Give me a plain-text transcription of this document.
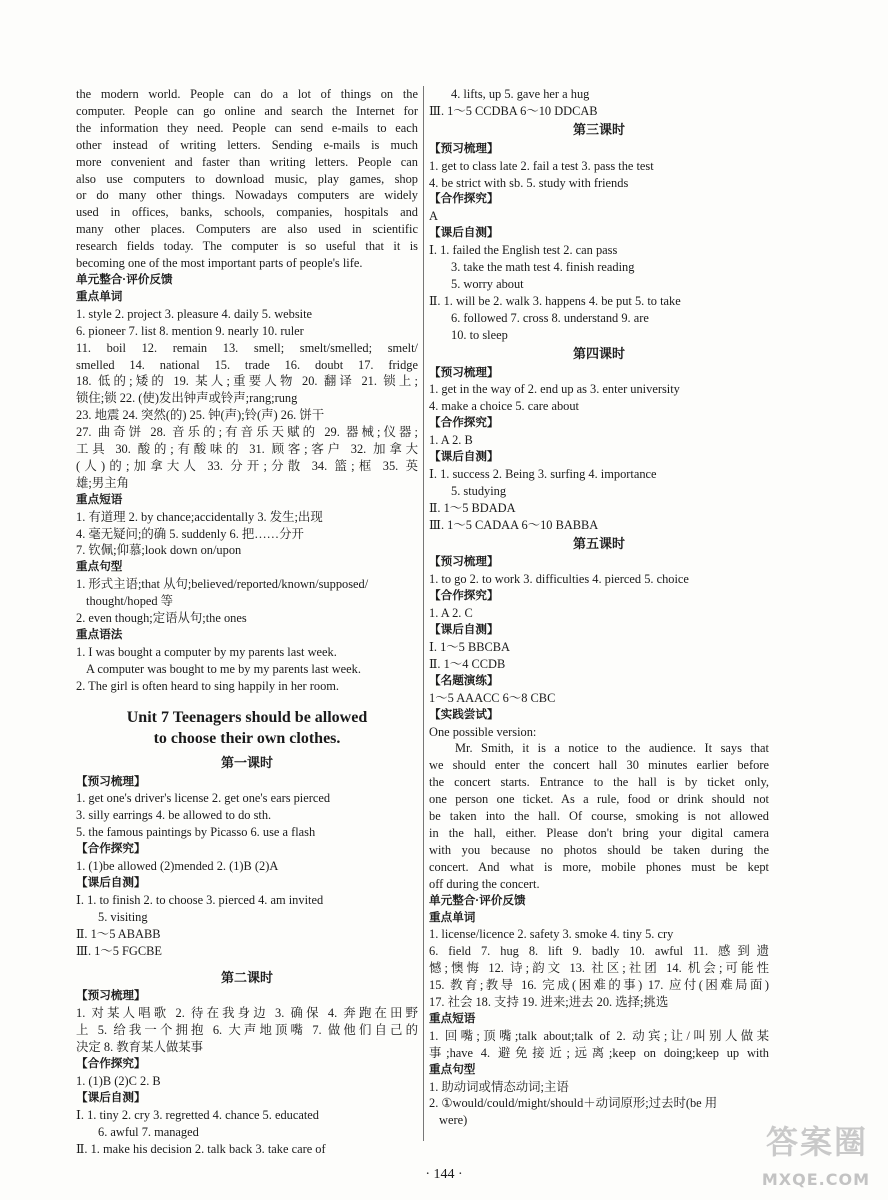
the modern world. People can do a lot of things on the
computer. People can go online and search the Internet for
the information they need. People can send e-mails to each
other instead of writing letters. Sending e-mails is much
more convenient and faster than writing letters. People can
also use computers to download music, play games, shop
or do many other things. Nowadays computers are widely
used in offices, banks, schools, companies, hospitals and
many other places. Computers are also used in scientific
research fields today. The computer is so useful that it is
becoming one of the most important parts of people's life.
单元整合·评价反馈
重点单词
1. style 2. project 3. pleasure 4. daily 5. website
6. pioneer 7. list 8. mention 9. nearly 10. ruler
11. boil 12. remain 13. smell; smelt/smelled; smelt/
smelled 14. national 15. trade 16. doubt 17. fridge
18. 低的;矮的 19. 某人;重要人物 20. 翻译 21. 锁上;
锁住;锁 22. (使)发出钟声或铃声;rang;rung
23. 地震 24. 突然(的) 25. 钟(声);铃(声) 26. 饼干
27. 曲奇饼 28. 音乐的;有音乐天赋的 29. 器械;仪器;
工具 30. 酸的;有酸味的 31. 顾客;客户 32. 加拿大
(人)的;加拿大人 33. 分开;分散 34. 篮;框 35. 英
雄;男主角
重点短语
1. 有道理 2. by chance;accidentally 3. 发生;出现
4. 毫无疑问;的确 5. suddenly 6. 把……分开
7. 钦佩;仰慕;look down on/upon
重点句型
1. 形式主语;that 从句;believed/reported/known/supposed/
thought/hoped 等
2. even though;定语从句;the ones
重点语法
1. I was bought a computer by my parents last week.
A computer was bought to me by my parents last week.
2. The girl is often heard to sing happily in her room.
Unit 7 Teenagers should be allowed
to choose their own clothes.
第一课时
【预习梳理】
1. get one's driver's license 2. get one's ears pierced
3. silly earrings 4. be allowed to do sth.
5. the famous paintings by Picasso 6. use a flash
【合作探究】
1. (1)be allowed (2)mended 2. (1)B (2)A
【课后自测】
Ⅰ. 1. to finish 2. to choose 3. pierced 4. am invited
5. visiting
Ⅱ. 1～5 ABABB
Ⅲ. 1～5 FGCBE
第二课时
【预习梳理】
1. 对某人唱歌 2. 待在我身边 3. 确保 4. 奔跑在田野
上 5. 给我一个拥抱 6. 大声地顶嘴 7. 做他们自己的
决定 8. 教育某人做某事
【合作探究】
1. (1)B (2)C 2. B
【课后自测】
Ⅰ. 1. tiny 2. cry 3. regretted 4. chance 5. educated
6. awful 7. managed
Ⅱ. 1. make his decision 2. talk back 3. take care of
4. lifts, up 5. gave her a hug
Ⅲ. 1～5 CCDBA 6～10 DDCAB
第三课时
【预习梳理】
1. get to class late 2. fail a test 3. pass the test
4. be strict with sb. 5. study with friends
【合作探究】
A
【课后自测】
Ⅰ. 1. failed the English test 2. can pass
3. take the math test 4. finish reading
5. worry about
Ⅱ. 1. will be 2. walk 3. happens 4. be put 5. to take
6. followed 7. cross 8. understand 9. are
10. to sleep
第四课时
【预习梳理】
1. get in the way of 2. end up as 3. enter university
4. make a choice 5. care about
【合作探究】
1. A 2. B
【课后自测】
Ⅰ. 1. success 2. Being 3. surfing 4. importance
5. studying
Ⅱ. 1～5 BDADA
Ⅲ. 1～5 CADAA 6～10 BABBA
第五课时
【预习梳理】
1. to go 2. to work 3. difficulties 4. pierced 5. choice
【合作探究】
1. A 2. C
【课后自测】
Ⅰ. 1～5 BBCBA
Ⅱ. 1～4 CCDB
【名题演练】
1～5 AAACC 6～8 CBC
【实践尝试】
One possible version:
Mr. Smith, it is a notice to the audience. It says that
we should enter the concert hall 30 minutes earlier before
the concert starts. Entrance to the hall is by ticket only,
one person one ticket. As a rule, food or drink should not
be taken into the hall. Of course, smoking is not allowed
in the hall, either. Please don't bring your digital camera
with you because no photos should be taken during the
concert. And what is more, mobile phones must be kept
off during the concert.
单元整合·评价反馈
重点单词
1. license/licence 2. safety 3. smoke 4. tiny 5. cry
6. field 7. hug 8. lift 9. badly 10. awful 11. 感到遗
憾;懊悔 12. 诗;韵文 13. 社区;社团 14. 机会;可能性
15. 教育;教导 16. 完成(困难的事) 17. 应付(困难局面)
17. 社会 18. 支持 19. 进来;进去 20. 选择;挑选
重点短语
1. 回嘴;顶嘴;talk about;talk of 2. 动宾;让/叫别人做某
事;have 4. 避免接近;远离;keep on doing;keep up with
重点句型
1. 助动词或情态动词;主语
2. ①would/could/might/should＋动词原形;过去时(be 用
were)
· 144 ·
答案圈
MXQE.COM
